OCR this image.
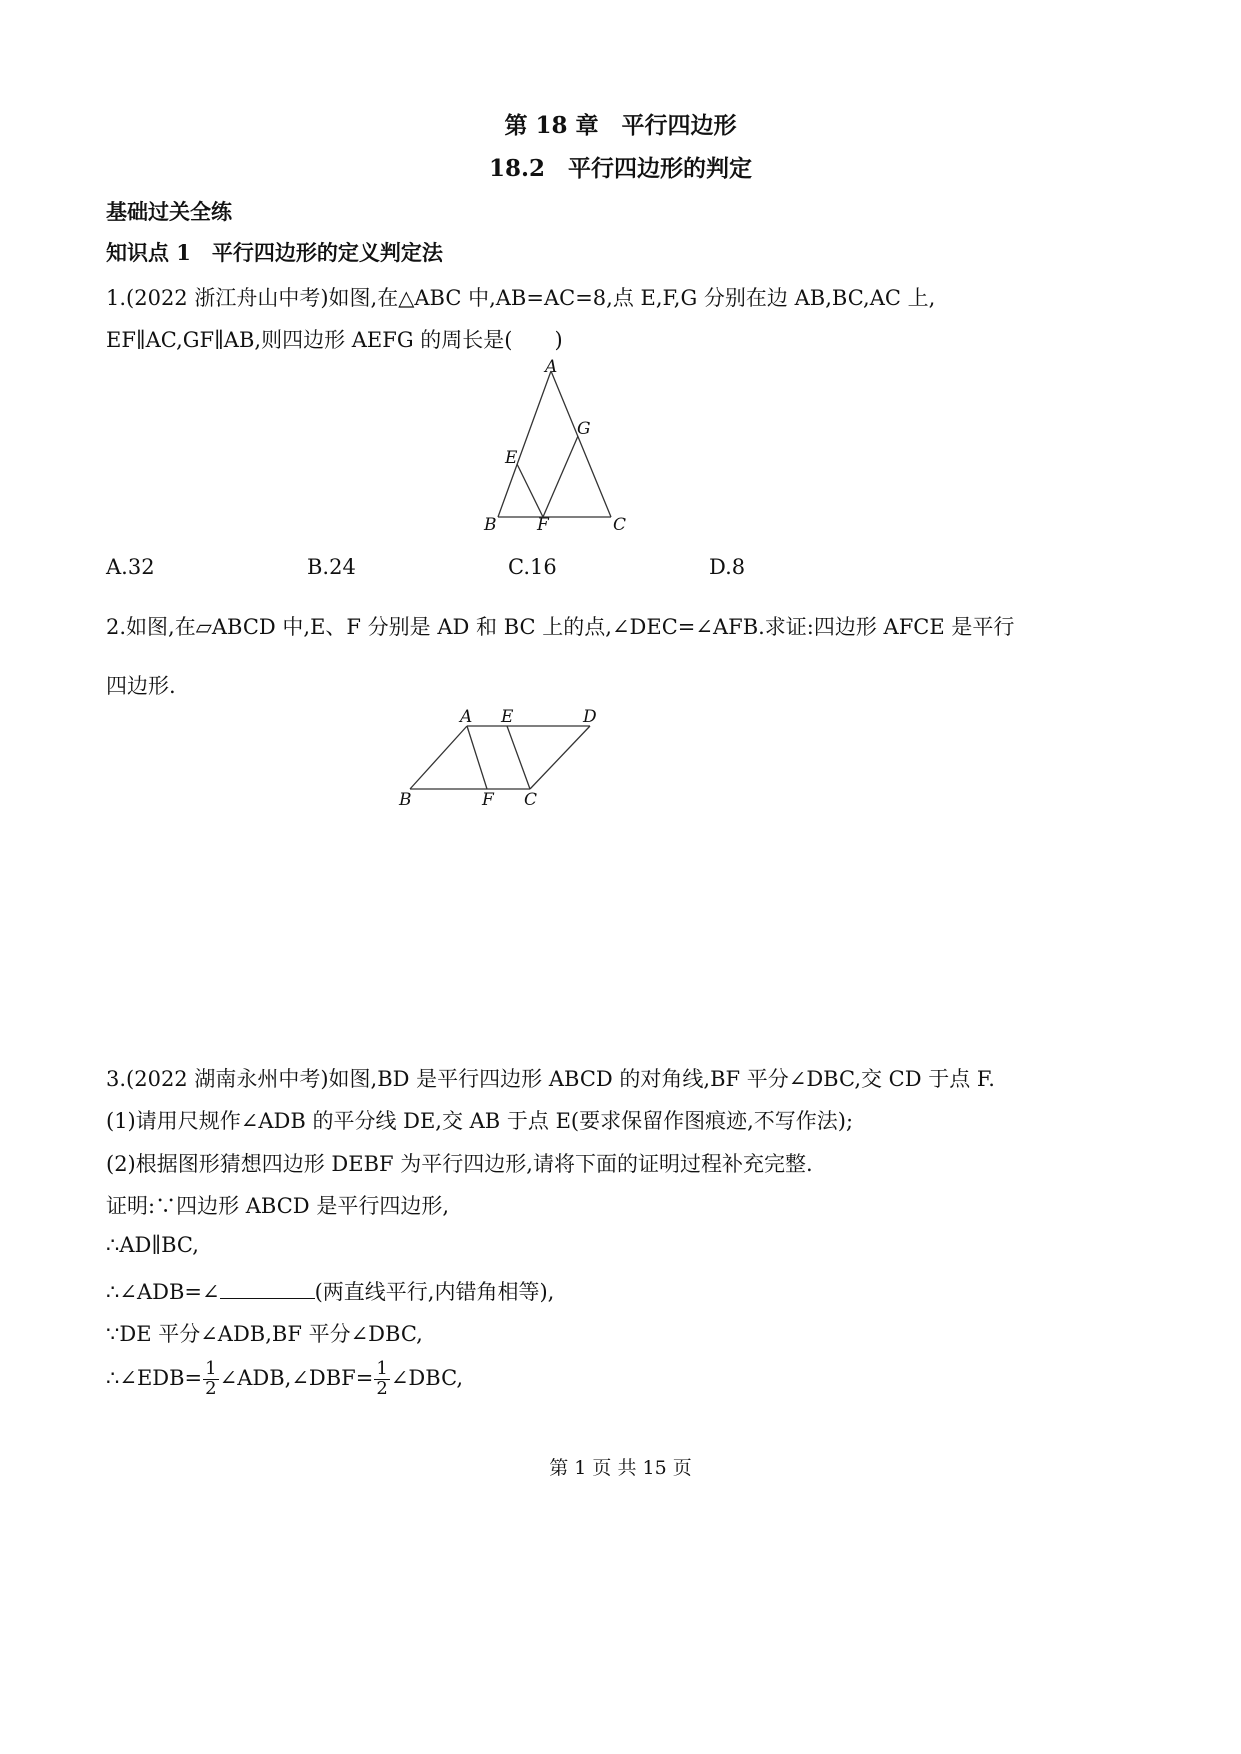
第 18 章　平行四边形
18.2　平行四边形的判定
基础过关全练
知识点 1　平行四边形的定义判定法
1.(2022 浙江舟山中考)如图,在△ABC 中,AB=AC=8,点 E,F,G 分别在边 AB,BC,AC 上,
EF∥AC,GF∥AB,则四边形 AEFG 的周长是(　　)
A
B	C
E
F
G
A.32	B.24	C.16	D.8
2.如图,在▱ABCD 中,E、F 分别是 AD 和 BC 上的点,∠DEC=∠AFB.求证:四边形 AFCE 是平行
四边形.
A E	D
B	F C
3.(2022 湖南永州中考)如图,BD 是平行四边形 ABCD 的对角线,BF 平分∠DBC,交 CD 于点 F.
(1)请用尺规作∠ADB 的平分线 DE,交 AB 于点 E(要求保留作图痕迹,不写作法);
(2)根据图形猜想四边形 DEBF 为平行四边形,请将下面的证明过程补充完整.
证明:∵四边形 ABCD 是平行四边形,
∴AD∥BC,
∴∠ADB=∠	(两直线平行,内错角相等),
∵DE 平分∠ADB,BF 平分∠DBC,
∴∠EDB= $\frac{1}{2}$ ∠ADB,∠DBF= $\frac{1}{2}$ ∠DBC,
第 1 页 共 15 页
